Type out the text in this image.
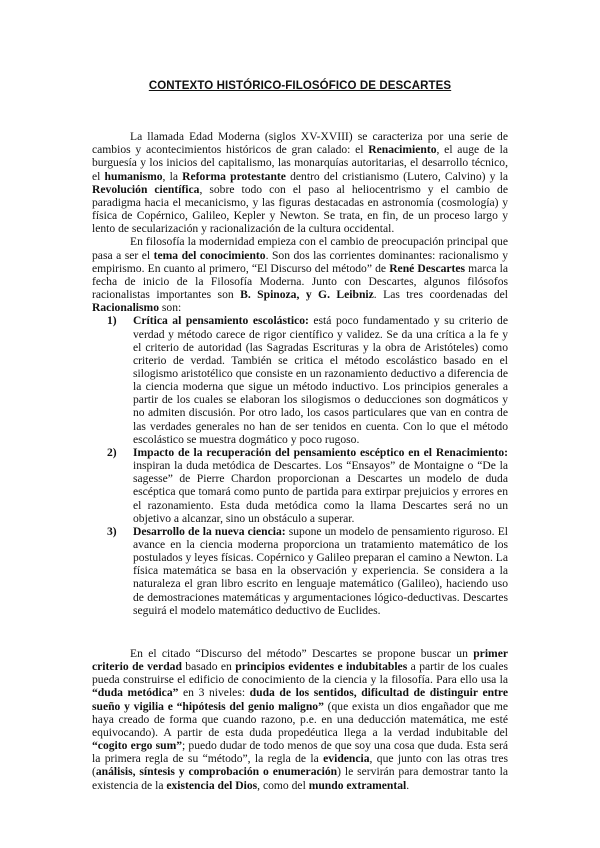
CONTEXTO HISTÓRICO-FILOSÓFICO DE DESCARTES

La llamada Edad Moderna (siglos XV-XVIII) se caracteriza por una serie de cambios y acontecimientos históricos de gran calado: el Renacimiento, el auge de la burguesía y los inicios del capitalismo, las monarquías autoritarias, el desarrollo técnico, el humanismo, la Reforma protestante dentro del cristianismo (Lutero, Calvino) y la Revolución científica, sobre todo con el paso al heliocentrismo y el cambio de paradigma hacia el mecanicismo, y las figuras destacadas en astronomía (cosmología) y física de Copérnico, Galileo, Kepler y Newton. Se trata, en fin, de un proceso largo y lento de secularización y racionalización de la cultura occidental.

En filosofía la modernidad empieza con el cambio de preocupación principal que pasa a ser el tema del conocimiento. Son dos las corrientes dominantes: racionalismo y empirismo. En cuanto al primero, “El Discurso del método” de René Descartes marca la fecha de inicio de la Filosofía Moderna. Junto con Descartes, algunos filósofos racionalistas importantes son B. Spinoza, y G. Leibniz. Las tres coordenadas del Racionalismo son:

1) Crítica al pensamiento escolástico: está poco fundamentado y su criterio de verdad y método carece de rigor científico y validez. Se da una crítica a la fe y el criterio de autoridad (las Sagradas Escrituras y la obra de Aristóteles) como criterio de verdad. También se critica el método escolástico basado en el silogismo aristotélico que consiste en un razonamiento deductivo a diferencia de la ciencia moderna que sigue un método inductivo. Los principios generales a partir de los cuales se elaboran los silogismos o deducciones son dogmáticos y no admiten discusión. Por otro lado, los casos particulares que van en contra de las verdades generales no han de ser tenidos en cuenta. Con lo que el método escolástico se muestra dogmático y poco rugoso.
2) Impacto de la recuperación del pensamiento escéptico en el Renacimiento: inspiran la duda metódica de Descartes. Los “Ensayos” de Montaigne o “De la sagesse” de Pierre Chardon proporcionan a Descartes un modelo de duda escéptica que tomará como punto de partida para extirpar prejuicios y errores en el razonamiento. Esta duda metódica como la llama Descartes será no un objetivo a alcanzar, sino un obstáculo a superar.
3) Desarrollo de la nueva ciencia: supone un modelo de pensamiento riguroso. El avance en la ciencia moderna proporciona un tratamiento matemático de los postulados y leyes físicas. Copérnico y Galileo preparan el camino a Newton. La física matemática se basa en la observación y experiencia. Se considera a la naturaleza el gran libro escrito en lenguaje matemático (Galileo), haciendo uso de demostraciones matemáticas y argumentaciones lógico-deductivas. Descartes seguirá el modelo matemático deductivo de Euclides.

En el citado “Discurso del método” Descartes se propone buscar un primer criterio de verdad basado en principios evidentes e indubitables a partir de los cuales pueda construirse el edificio de conocimiento de la ciencia y la filosofía. Para ello usa la “duda metódica” en 3 niveles: duda de los sentidos, dificultad de distinguir entre sueño y vigilia e “hipótesis del genio maligno” (que exista un dios engañador que me haya creado de forma que cuando razono, p.e. en una deducción matemática, me esté equivocando). A partir de esta duda propedéutica llega a la verdad indubitable del “cogito ergo sum”; puedo dudar de todo menos de que soy una cosa que duda. Esta será la primera regla de su “método”, la regla de la evidencia, que junto con las otras tres (análisis, síntesis y comprobación o enumeración) le servirán para demostrar tanto la existencia de la existencia del Dios, como del mundo extramental.
